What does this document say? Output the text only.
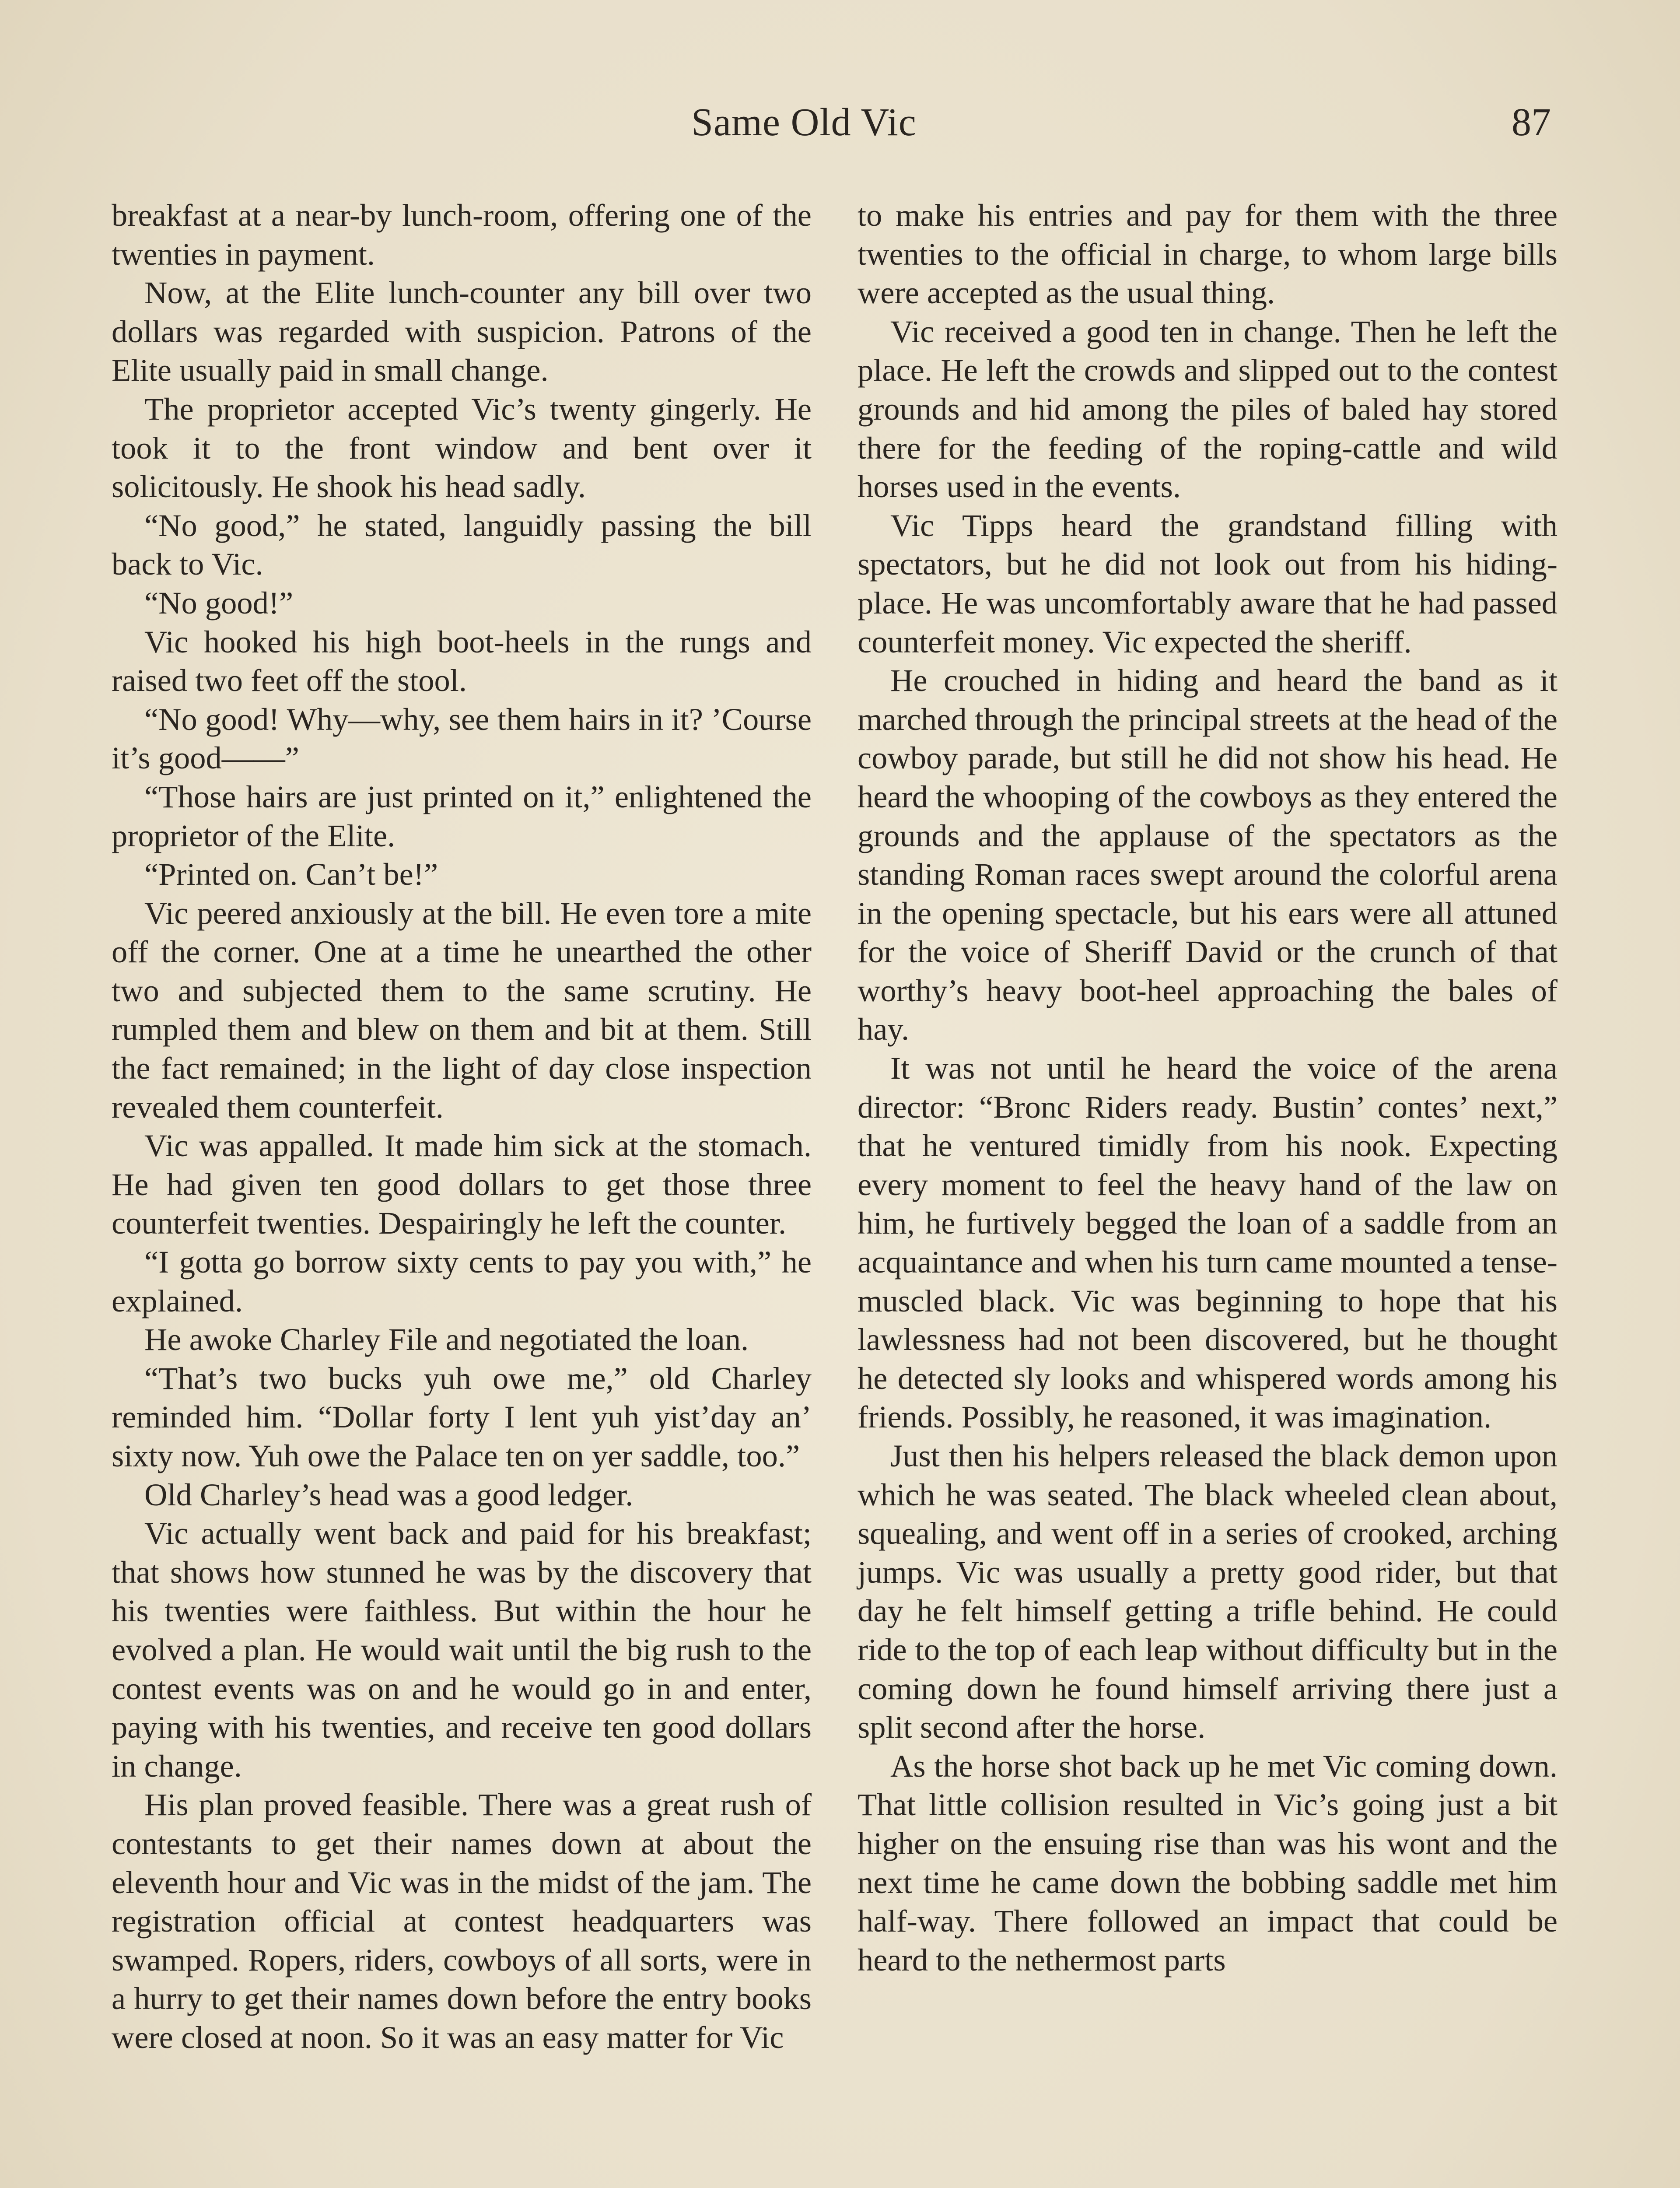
Same Old Vic	87

breakfast at a near-by lunch-room, offering one of the twenties in payment.

Now, at the Elite lunch-counter any bill over two dollars was regarded with suspicion. Patrons of the Elite usually paid in small change.

The proprietor accepted Vic’s twenty gingerly. He took it to the front window and bent over it solicitously. He shook his head sadly.

“No good,” he stated, languidly passing the bill back to Vic.

“No good!”

Vic hooked his high boot-heels in the rungs and raised two feet off the stool.

“No good! Why—why, see them hairs in it? ’Course it’s good——”

“Those hairs are just printed on it,” enlightened the proprietor of the Elite.

“Printed on. Can’t be!”

Vic peered anxiously at the bill. He even tore a mite off the corner. One at a time he unearthed the other two and subjected them to the same scrutiny. He rumpled them and blew on them and bit at them. Still the fact remained; in the light of day close inspection revealed them counterfeit.

Vic was appalled. It made him sick at the stomach. He had given ten good dollars to get those three counterfeit twenties. Despairingly he left the counter.

“I gotta go borrow sixty cents to pay you with,” he explained.

He awoke Charley File and negotiated the loan.

“That’s two bucks yuh owe me,” old Charley reminded him. “Dollar forty I lent yuh yist’day an’ sixty now. Yuh owe the Palace ten on yer saddle, too.”

Old Charley’s head was a good ledger.

Vic actually went back and paid for his breakfast; that shows how stunned he was by the discovery that his twenties were faithless. But within the hour he evolved a plan. He would wait until the big rush to the contest events was on and he would go in and enter, paying with his twenties, and receive ten good dollars in change.

His plan proved feasible. There was a great rush of contestants to get their names down at about the eleventh hour and Vic was in the midst of the jam. The registration official at contest headquarters was swamped. Ropers, riders, cowboys of all sorts, were in a hurry to get their names down before the entry books were closed at noon. So it was an easy matter for Vic

to make his entries and pay for them with the three twenties to the official in charge, to whom large bills were accepted as the usual thing.

Vic received a good ten in change. Then he left the place. He left the crowds and slipped out to the contest grounds and hid among the piles of baled hay stored there for the feeding of the roping-cattle and wild horses used in the events.

Vic Tipps heard the grandstand filling with spectators, but he did not look out from his hiding-place. He was uncomfortably aware that he had passed counterfeit money. Vic expected the sheriff.

He crouched in hiding and heard the band as it marched through the principal streets at the head of the cowboy parade, but still he did not show his head. He heard the whooping of the cowboys as they entered the grounds and the applause of the spectators as the standing Roman races swept around the colorful arena in the opening spectacle, but his ears were all attuned for the voice of Sheriff David or the crunch of that worthy’s heavy boot-heel approaching the bales of hay.

It was not until he heard the voice of the arena director: “Bronc Riders ready. Bustin’ contes’ next,” that he ventured timidly from his nook. Expecting every moment to feel the heavy hand of the law on him, he furtively begged the loan of a saddle from an acquaintance and when his turn came mounted a tense-muscled black. Vic was beginning to hope that his lawlessness had not been discovered, but he thought he detected sly looks and whispered words among his friends. Possibly, he reasoned, it was imagination.

Just then his helpers released the black demon upon which he was seated. The black wheeled clean about, squealing, and went off in a series of crooked, arching jumps. Vic was usually a pretty good rider, but that day he felt himself getting a trifle behind. He could ride to the top of each leap without difficulty but in the coming down he found himself arriving there just a split second after the horse.

As the horse shot back up he met Vic coming down. That little collision resulted in Vic’s going just a bit higher on the ensuing rise than was his wont and the next time he came down the bobbing saddle met him half-way. There followed an impact that could be heard to the nethermost parts
